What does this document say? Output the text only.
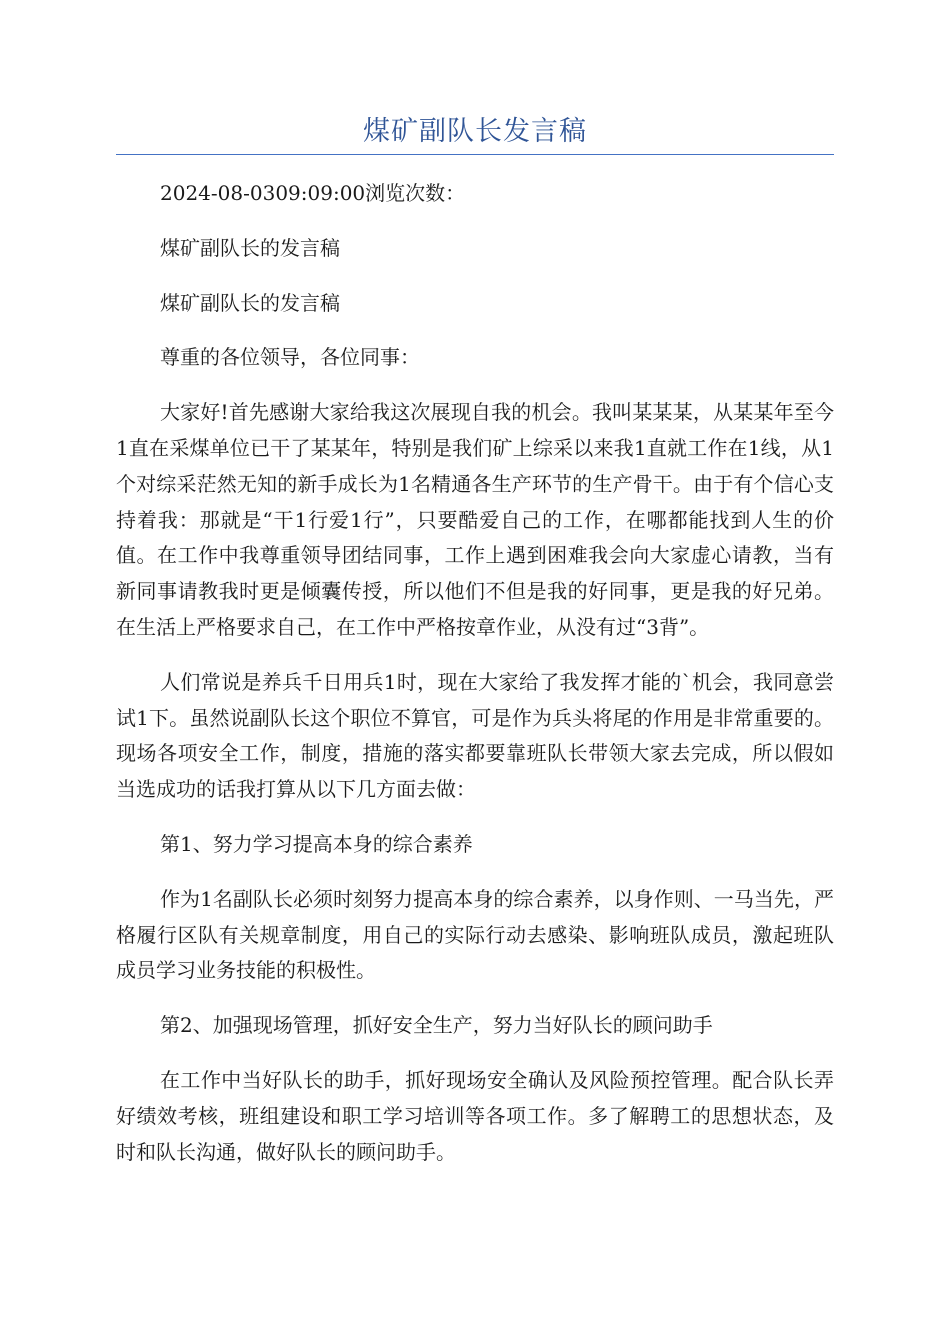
煤矿副队长发言稿

2024-08-0309:09:00浏览次数：

煤矿副队长的发言稿

煤矿副队长的发言稿

尊重的各位领导，各位同事：

大家好!首先感谢大家给我这次展现自我的机会。我叫某某某，从某某年至今1直在采煤单位已干了某某年，特别是我们矿上综采以来我1直就工作在1线，从1个对综采茫然无知的新手成长为1名精通各生产环节的生产骨干。由于有个信心支持着我：那就是“干1行爱1行”，只要酷爱自己的工作，在哪都能找到人生的价值。在工作中我尊重领导团结同事，工作上遇到困难我会向大家虚心请教，当有新同事请教我时更是倾囊传授，所以他们不但是我的好同事，更是我的好兄弟。在生活上严格要求自己，在工作中严格按章作业，从没有过“3背”。

人们常说是养兵千日用兵1时，现在大家给了我发挥才能的`机会，我同意尝试1下。虽然说副队长这个职位不算官，可是作为兵头将尾的作用是非常重要的。现场各项安全工作，制度，措施的落实都要靠班队长带领大家去完成，所以假如当选成功的话我打算从以下几方面去做：

第1、努力学习提高本身的综合素养

作为1名副队长必须时刻努力提高本身的综合素养，以身作则、一马当先，严格履行区队有关规章制度，用自己的实际行动去感染、影响班队成员，激起班队成员学习业务技能的积极性。

第2、加强现场管理，抓好安全生产，努力当好队长的顾问助手

在工作中当好队长的助手，抓好现场安全确认及风险预控管理。配合队长弄好绩效考核，班组建设和职工学习培训等各项工作。多了解聘工的思想状态，及时和队长沟通，做好队长的顾问助手。
